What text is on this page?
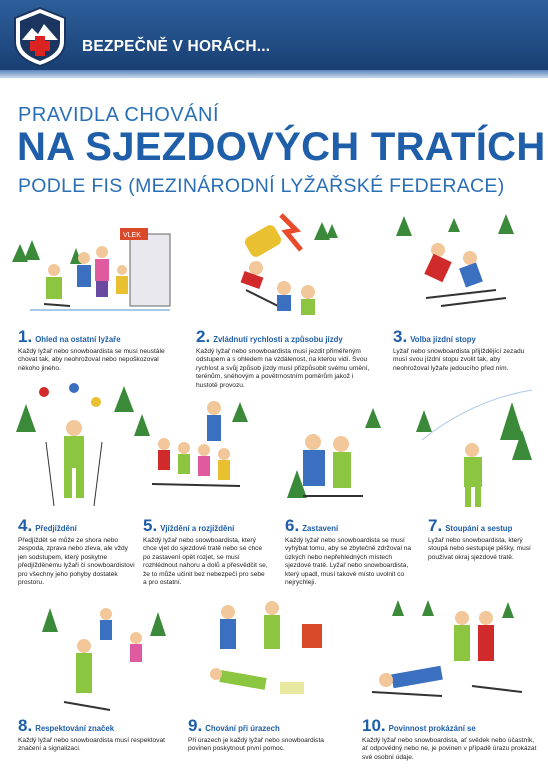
BEZPEČNĚ V HORÁCH...
PRAVIDLA CHOVÁNÍ
NA SJEZDOVÝCH TRATÍCH
PODLE FIS (MEZINÁRODNÍ LYŽAŘSKÉ FEDERACE)
VLEK
1. Ohled na ostatní lyžaře
Každý lyžař nebo snowboardista se musí neustále chovat tak, aby neohrožoval nebo nepoškozoval někoho jiného.
2. Zvládnutí rychlosti a způsobu jízdy
Každý lyžař nebo snowboardista musí jezdit přiměřeným odstupem a s ohledem na vzdálenost, na kterou vidí. Svou rychlost a svůj způsob jízdy musí přizpůsobit svému umění, terénům, sněhovým a povětrnostním poměrům jakož i hustotě provozu.
3. Volba jízdní stopy
Lyžař nebo snowboardista přijíždějící zezadu musí svou jízdní stopu zvolit tak, aby neohrožoval lyžaře jedoucího před ním.
4. Předjíždění
Předjíždět se může ze shora nebo zespoda, zprava nebo zleva, ale vždy jen sodstupem, který poskytne předjížděnému lyžaři či snowboardistovi pro všechny jeho pohyby dostatek prostoru.
5. Vjíždění a rozjíždění
Každý lyžař nebo snowboardista, který chce vjet do sjezdové tratě nebo se chce po zastavení opět rozjet, se musí rozhlédnout nahoru a dolů a přesvědčit se, že to může učinit bez nebezpečí pro sebe a pro ostatní.
6. Zastavení
Každý lyžař nebo snowboardista se musí vyhýbat tomu, aby se zbytečně zdržoval na úzkých nebo nepřehledných místech sjezdové tratě. Lyžař nebo snowboardista, který upadl, musí takové místo uvolnit co nejrychleji.
7. Stoupání a sestup
Lyžař nebo snowboardista, který stoupá nebo sestupuje pěšky, musí používat okraj sjezdové tratě.
8. Respektování značek
Každý lyžař nebo snowboardista musí respektovat značení a signalizaci.
9. Chování při úrazech
Při úrazech je každý lyžař nebo snowboardista povinen poskytnout první pomoc.
10. Povinnost prokázání se
Každý lyžař nebo snowboardista, ať svědek nebo účastník, ať odpovědný nebo ne, je povinen v případě úrazu prokázat své osobní údaje.
